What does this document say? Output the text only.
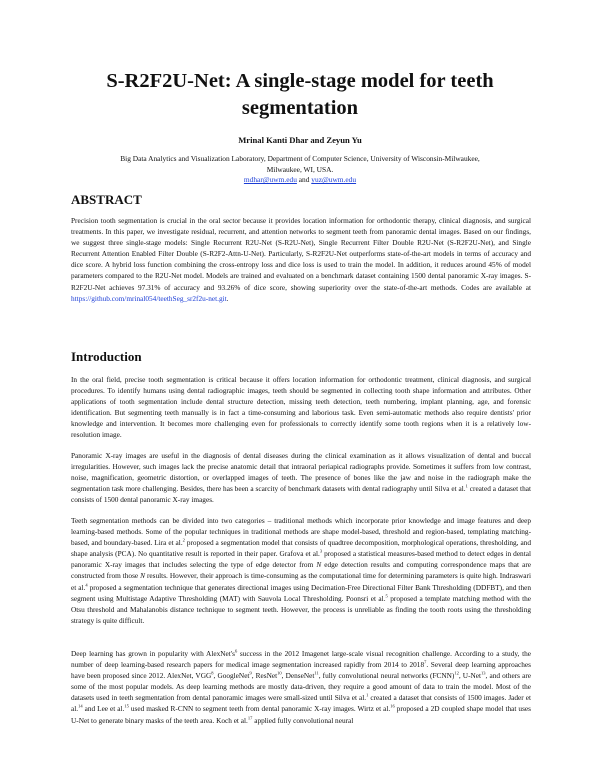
S-R2F2U-Net: A single-stage model for teeth
segmentation
Mrinal Kanti Dhar and Zeyun Yu
Big Data Analytics and Visualization Laboratory, Department of Computer Science, University of Wisconsin-Milwaukee,
Milwaukee, WI, USA.
mdhar@uwm.edu and yuz@uwm.edu
ABSTRACT
Precision tooth segmentation is crucial in the oral sector because it provides location information for orthodontic therapy, clinical diagnosis, and surgical treatments. In this paper, we investigate residual, recurrent, and attention networks to segment teeth from panoramic dental images. Based on our findings, we suggest three single-stage models: Single Recurrent R2U-Net (S-R2U-Net), Single Recurrent Filter Double R2U-Net (S-R2F2U-Net), and Single Recurrent Attention Enabled Filter Double (S-R2F2-Attn-U-Net). Particularly, S-R2F2U-Net outperforms state-of-the-art models in terms of accuracy and dice score. A hybrid loss function combining the cross-entropy loss and dice loss is used to train the model. In addition, it reduces around 45% of model parameters compared to the R2U-Net model. Models are trained and evaluated on a benchmark dataset containing 1500 dental panoramic X-ray images. S-R2F2U-Net achieves 97.31% of accuracy and 93.26% of dice score, showing superiority over the state-of-the-art methods. Codes are available at https://github.com/mrinal054/teethSeg_sr2f2u-net.git.
Introduction
In the oral field, precise tooth segmentation is critical because it offers location information for orthodontic treatment, clinical diagnosis, and surgical procedures. To identify humans using dental radiographic images, teeth should be segmented in collecting tooth shape information and attributes. Other applications of tooth segmentation include dental structure detection, missing teeth detection, teeth numbering, implant planning, age, and forensic identification. But segmenting teeth manually is in fact a time-consuming and laborious task. Even semi-automatic methods also require dentists' prior knowledge and intervention. It becomes more challenging even for professionals to correctly identify some tooth regions when it is a relatively low-resolution image.
Panoramic X-ray images are useful in the diagnosis of dental diseases during the clinical examination as it allows visualization of dental and buccal irregularities. However, such images lack the precise anatomic detail that intraoral periapical radiographs provide. Sometimes it suffers from low contrast, noise, magnification, geometric distortion, or overlapped images of teeth. The presence of bones like the jaw and noise in the radiograph make the segmentation task more challenging. Besides, there has been a scarcity of benchmark datasets with dental radiography until Silva et al.$^1$ created a dataset that consists of 1500 dental panoramic X-ray images.
Teeth segmentation methods can be divided into two categories – traditional methods which incorporate prior knowledge and image features and deep learning-based methods. Some of the popular techniques in traditional methods are shape model-based, threshold and region-based, templating matching-based, and boundary-based. Lira et al.$^2$ proposed a segmentation model that consists of quadtree decomposition, morphological operations, thresholding, and shape analysis (PCA). No quantitative result is reported in their paper. Grafova et al.$^3$ proposed a statistical measures-based method to detect edges in dental panoramic X-ray images that includes selecting the type of edge detector from N edge detection results and computing correspondence maps that are constructed from those N results. However, their approach is time-consuming as the computational time for determining parameters is quite high. Indraswari et al.$^4$ proposed a segmentation technique that generates directional images using Decimation-Free Directional Filter Bank Thresholding (DDFBT), and then segment using Multistage Adaptive Thresholding (MAT) with Sauvola Local Thresholding. Poonsri et al.$^5$ proposed a template matching method with the Otsu threshold and Mahalanobis distance technique to segment teeth. However, the process is unreliable as finding the tooth roots using the thresholding strategy is quite difficult.
Deep learning has grown in popularity with $AlexNet's^6$ success in the 2012 Imagenet large-scale visual recognition challenge. According to a study, the number of deep learning-based research papers for medical image segmentation increased rapidly from 2014 to 2018$^7$. Several deep learning approaches have been proposed since 2012. AlexNet, VGG$^8$, GoogleNet$^9$, ResNet$^{10}$, DenseNet$^{11}$, fully convolutional neural networks (FCNN)$^{12}$, U-Net$^{13}$, and others are some of the most popular models. As deep learning methods are mostly data-driven, they require a good amount of data to train the model. Most of the datasets used in teeth segmentation from dental panoramic images were small-sized until Silva et al.$^1$ created a dataset that consists of 1500 images. Jader et al.$^{14}$ and Lee et al.$^{15}$ used masked R-CNN to segment teeth from dental panoramic X-ray images. Wirtz et al.$^{16}$ proposed a 2D coupled shape model that uses U-Net to generate binary masks of the teeth area. Koch et al.$^{17}$ applied fully convolutional neural
